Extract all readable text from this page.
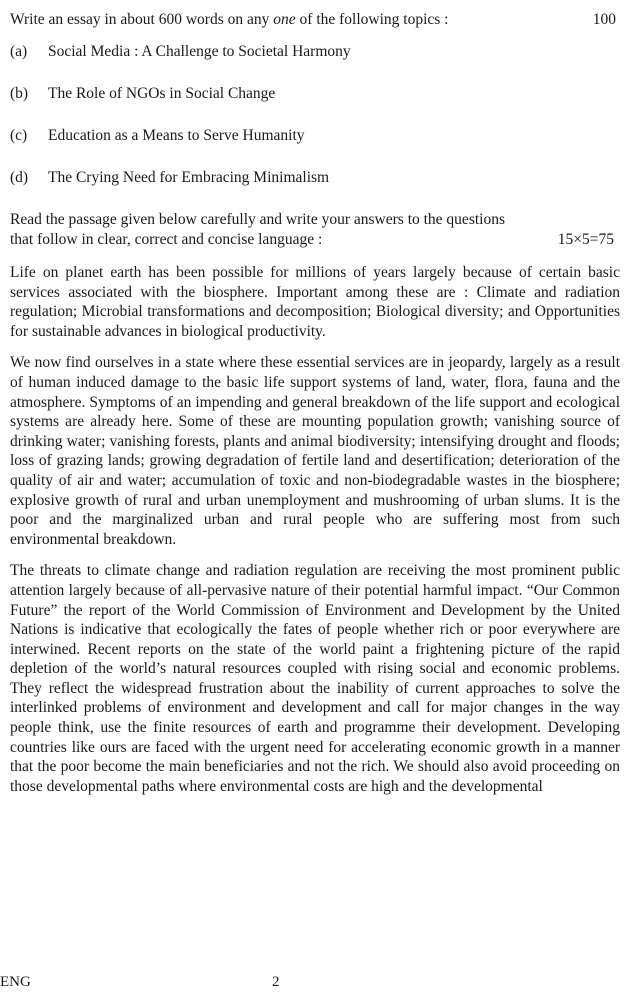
Write an essay in about 600 words on any one of the following topics :	100
(a)	Social Media : A Challenge to Societal Harmony
(b)	The Role of NGOs in Social Change
(c)	Education as a Means to Serve Humanity
(d)	The Crying Need for Embracing Minimalism
Read the passage given below carefully and write your answers to the questions
that follow in clear, correct and concise language :	15×5=75

Life on planet earth has been possible for millions of years largely because of certain basic services associated with the biosphere. Important among these are : Climate and radiation regulation; Microbial transformations and decomposition; Biological diversity; and Opportunities for sustainable advances in biological productivity.

We now find ourselves in a state where these essential services are in jeopardy, largely as a result of human induced damage to the basic life support systems of land, water, flora, fauna and the atmosphere. Symptoms of an impending and general breakdown of the life support and ecological systems are already here. Some of these are mounting population growth; vanishing source of drinking water; vanishing forests, plants and animal biodiversity; intensifying drought and floods; loss of grazing lands; growing degradation of fertile land and desertification; deterioration of the quality of air and water; accumulation of toxic and non-biodegradable wastes in the biosphere; explosive growth of rural and urban unemployment and mushrooming of urban slums. It is the poor and the marginalized urban and rural people who are suffering most from such environmental breakdown.

The threats to climate change and radiation regulation are receiving the most prominent public attention largely because of all-pervasive nature of their potential harmful impact. “Our Common Future” the report of the World Commission of Environment and Development by the United Nations is indicative that ecologically the fates of people whether rich or poor everywhere are interwined. Recent reports on the state of the world paint a frightening picture of the rapid depletion of the world’s natural resources coupled with rising social and economic problems. They reflect the widespread frustration about the inability of current approaches to solve the interlinked problems of environment and development and call for major changes in the way people think, use the finite resources of earth and programme their development. Developing countries like ours are faced with the urgent need for accelerating economic growth in a manner that the poor become the main beneficiaries and not the rich. We should also avoid proceeding on those developmental paths where environmental costs are high and the developmental

ENG	2
